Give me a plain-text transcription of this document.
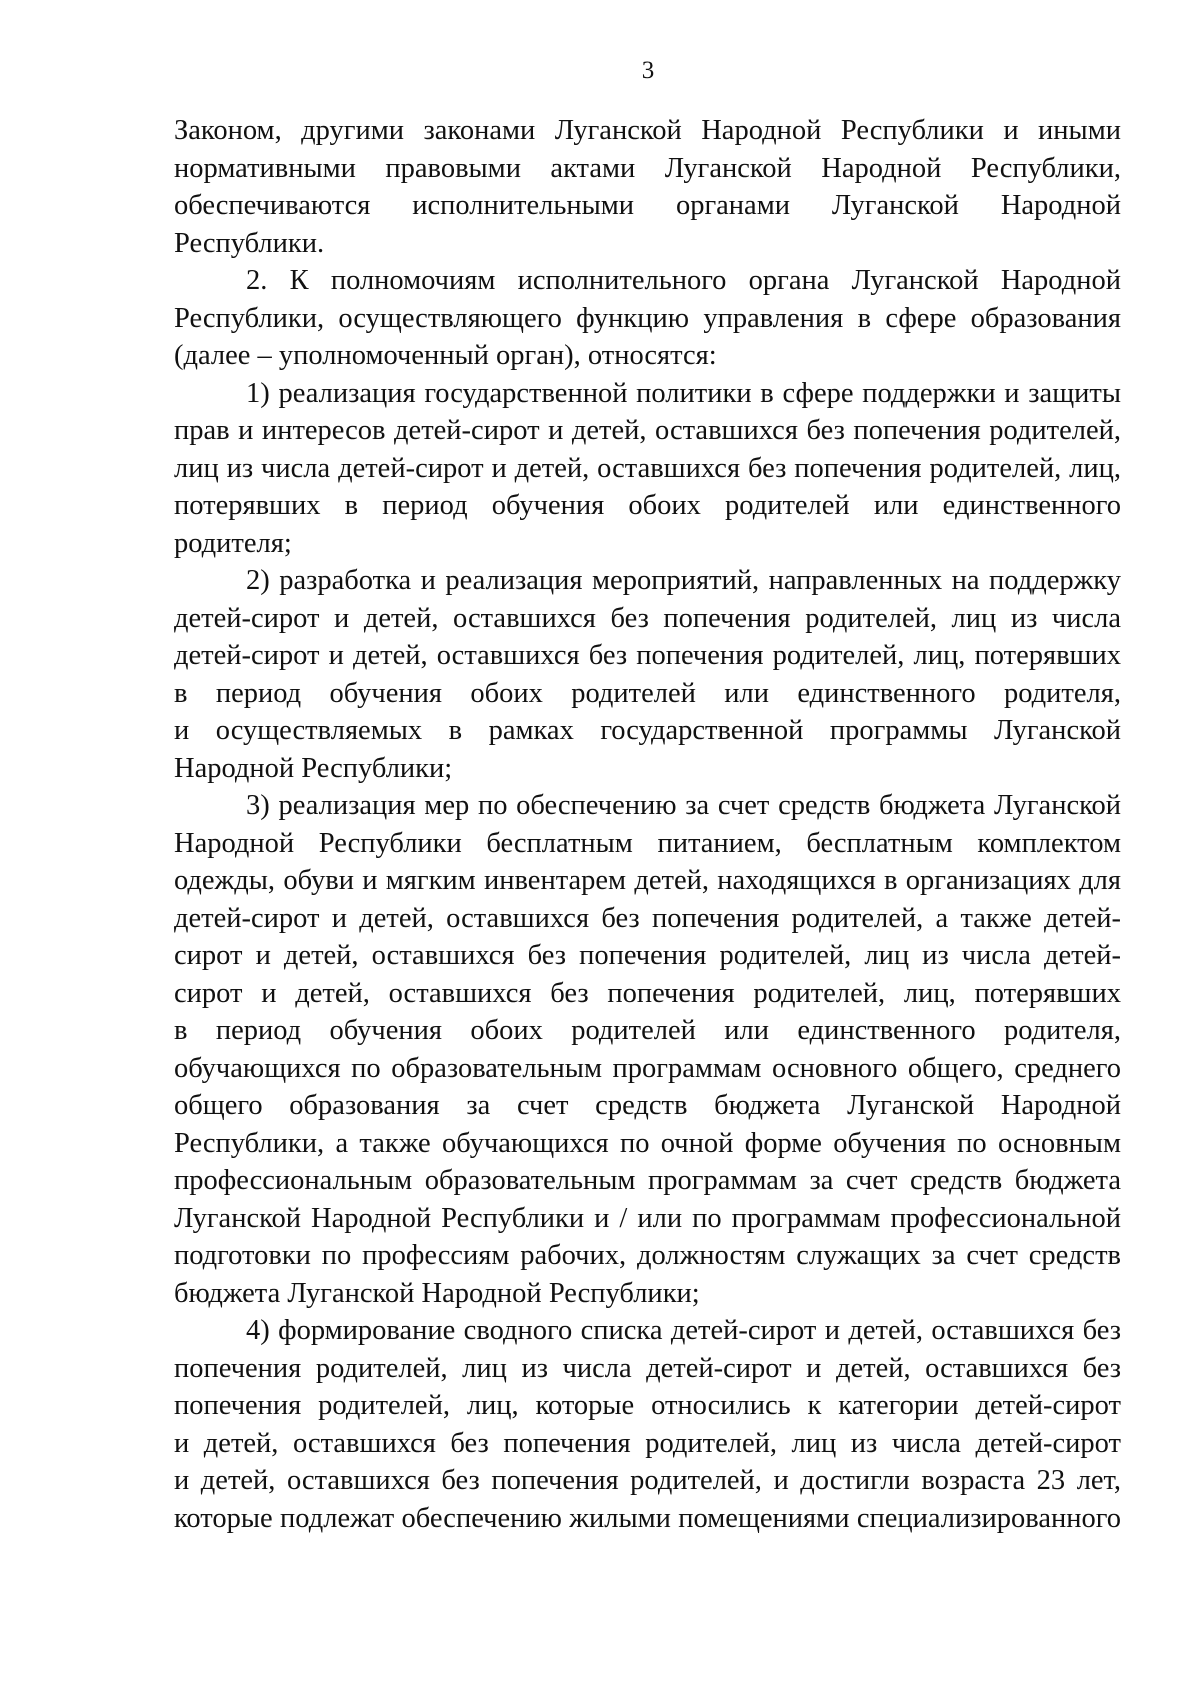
3
Законом, другими законами Луганской Народной Республики и иными
нормативными правовыми актами Луганской Народной Республики,
обеспечиваются исполнительными органами Луганской Народной
Республики.
2. К полномочиям исполнительного органа Луганской Народной
Республики, осуществляющего функцию управления в сфере образования
(далее – уполномоченный орган), относятся:
1) реализация государственной политики в сфере поддержки и защиты
прав и интересов детей-сирот и детей, оставшихся без попечения родителей,
лиц из числа детей-сирот и детей, оставшихся без попечения родителей, лиц,
потерявших в период обучения обоих родителей или единственного
родителя;
2) разработка и реализация мероприятий, направленных на поддержку
детей-сирот и детей, оставшихся без попечения родителей, лиц из числа
детей-сирот и детей, оставшихся без попечения родителей, лиц, потерявших
в период обучения обоих родителей или единственного родителя,
и осуществляемых в рамках государственной программы Луганской
Народной Республики;
3) реализация мер по обеспечению за счет средств бюджета Луганской
Народной Республики бесплатным питанием, бесплатным комплектом
одежды, обуви и мягким инвентарем детей, находящихся в организациях для
детей-сирот и детей, оставшихся без попечения родителей, а также детей-
сирот и детей, оставшихся без попечения родителей, лиц из числа детей-
сирот и детей, оставшихся без попечения родителей, лиц, потерявших
в период обучения обоих родителей или единственного родителя,
обучающихся по образовательным программам основного общего, среднего
общего образования за счет средств бюджета Луганской Народной
Республики, а также обучающихся по очной форме обучения по основным
профессиональным образовательным программам за счет средств бюджета
Луганской Народной Республики и / или по программам профессиональной
подготовки по профессиям рабочих, должностям служащих за счет средств
бюджета Луганской Народной Республики;
4) формирование сводного списка детей-сирот и детей, оставшихся без
попечения родителей, лиц из числа детей-сирот и детей, оставшихся без
попечения родителей, лиц, которые относились к категории детей-сирот
и детей, оставшихся без попечения родителей, лиц из числа детей-сирот
и детей, оставшихся без попечения родителей, и достигли возраста 23 лет,
которые подлежат обеспечению жилыми помещениями специализированного
